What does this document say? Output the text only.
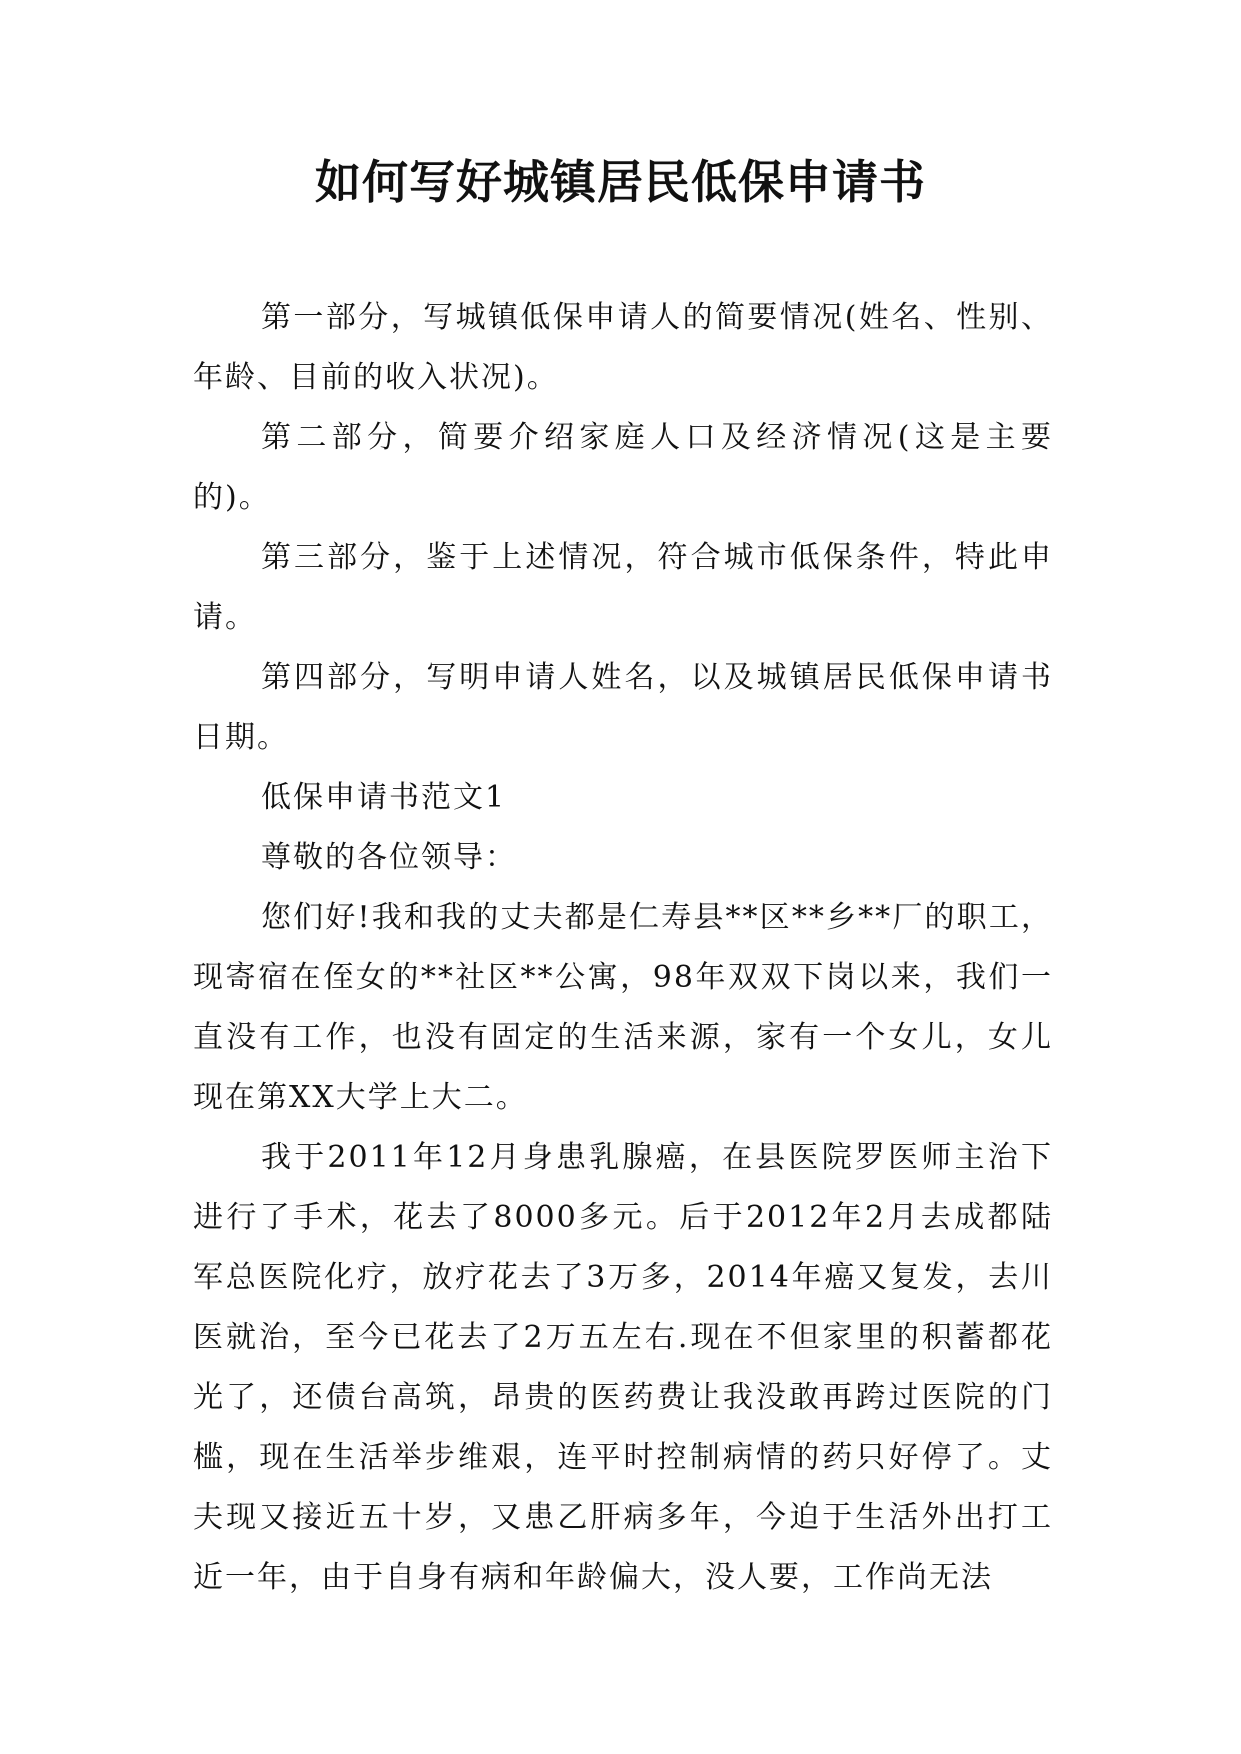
如何写好城镇居民低保申请书

第一部分，写城镇低保申请人的简要情况(姓名、性别、年龄、目前的收入状况)。

第二部分，简要介绍家庭人口及经济情况(这是主要的)。

第三部分，鉴于上述情况，符合城市低保条件，特此申请。

第四部分，写明申请人姓名，以及城镇居民低保申请书日期。

低保申请书范文1

尊敬的各位领导：

您们好!我和我的丈夫都是仁寿县**区**乡**厂的职工，现寄宿在侄女的**社区**公寓，98年双双下岗以来，我们一直没有工作，也没有固定的生活来源，家有一个女儿，女儿现在第XX大学上大二。

我于2011年12月身患乳腺癌，在县医院罗医师主治下进行了手术，花去了8000多元。后于2012年2月去成都陆军总医院化疗，放疗花去了3万多，2014年癌又复发，去川医就治，至今已花去了2万五左右.现在不但家里的积蓄都花光了，还债台高筑，昂贵的医药费让我没敢再跨过医院的门槛，现在生活举步维艰，连平时控制病情的药只好停了。丈夫现又接近五十岁，又患乙肝病多年，今迫于生活外出打工近一年，由于自身有病和年龄偏大，没人要，工作尚无法
